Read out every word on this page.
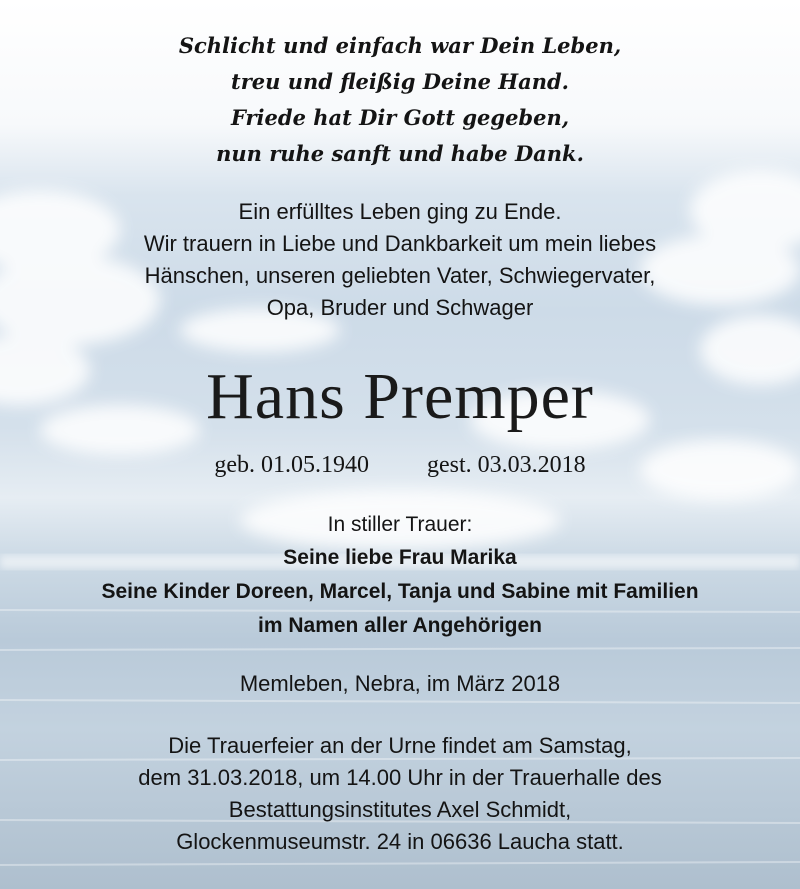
Schlicht und einfach war Dein Leben,
treu und fleißig Deine Hand.
Friede hat Dir Gott gegeben,
nun ruhe sanft und habe Dank.
Ein erfülltes Leben ging zu Ende.
Wir trauern in Liebe und Dankbarkeit um mein liebes
Hänschen, unseren geliebten Vater, Schwiegervater,
Opa, Bruder und Schwager
Hans Premper
geb. 01.05.1940 gest. 03.03.2018
In stiller Trauer:
Seine liebe Frau Marika
Seine Kinder Doreen, Marcel, Tanja und Sabine mit Familien
im Namen aller Angehörigen
Memleben, Nebra, im März 2018
Die Trauerfeier an der Urne findet am Samstag,
dem 31.03.2018, um 14.00 Uhr in der Trauerhalle des
Bestattungsinstitutes Axel Schmidt,
Glockenmuseumstr. 24 in 06636 Laucha statt.
